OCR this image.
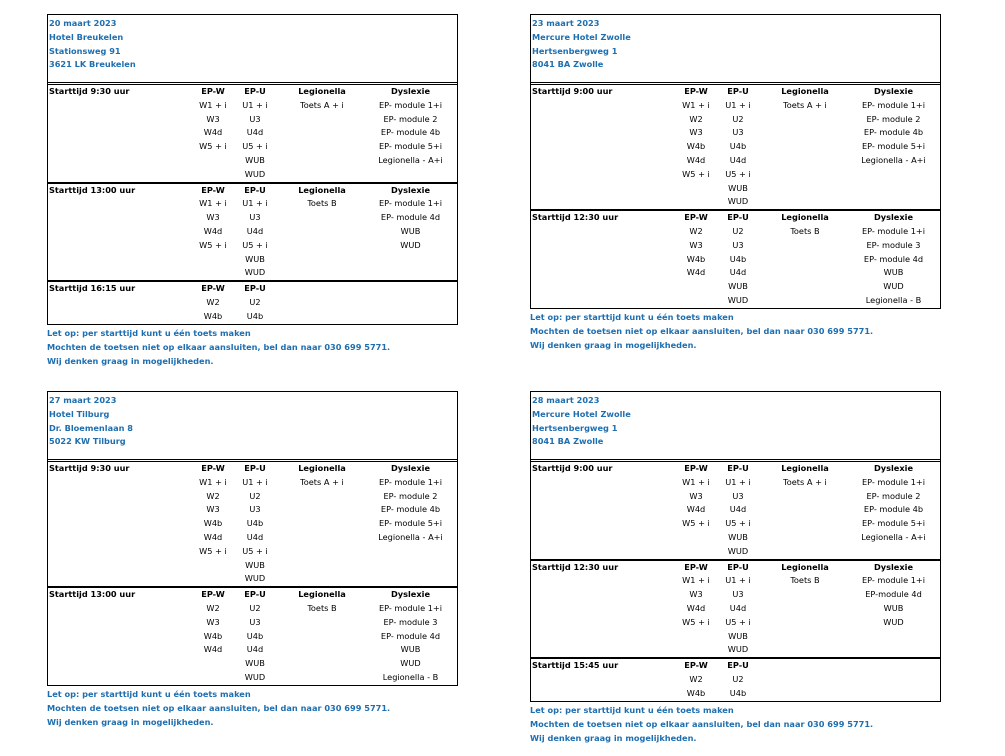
20 maart 2023
Hotel Breukelen
Stationsweg 91
3621 LK Breukelen
Starttijd 9:30 uur	EP-W	EP-U	Legionella	Dyslexie
	W1 + i	U1 + i	Toets A + i	EP- module 1+i
	W3	U3		EP- module 2
	W4d	U4d		EP- module 4b
	W5 + i	U5 + i		EP- module 5+i
		WUB		Legionella - A+i
		WUD		
Starttijd 13:00 uur	EP-W	EP-U	Legionella	Dyslexie
	W1 + i	U1 + i	Toets B	EP- module 1+i
	W3	U3		EP- module 4d
	W4d	U4d		WUB
	W5 + i	U5 + i		WUD
		WUB		
		WUD		
Starttijd 16:15 uur	EP-W	EP-U		
	W2	U2		
	W4b	U4b		
Let op: per starttijd kunt u één toets maken
Mochten de toetsen niet op elkaar aansluiten, bel dan naar 030 699 5771.
Wij denken graag in mogelijkheden.
23 maart 2023
Mercure Hotel Zwolle
Hertsenbergweg 1
8041 BA Zwolle
Starttijd 9:00 uur	EP-W	EP-U	Legionella	Dyslexie
	W1 + i	U1 + i	Toets A + i	EP- module 1+i
	W2	U2		EP- module 2
	W3	U3		EP- module 4b
	W4b	U4b		EP- module 5+i
	W4d	U4d		Legionella - A+i
	W5 + i	U5 + i		
		WUB		
		WUD		
Starttijd 12:30 uur	EP-W	EP-U	Legionella	Dyslexie
	W2	U2	Toets B	EP- module 1+i
	W3	U3		EP- module 3
	W4b	U4b		EP- module 4d
	W4d	U4d		WUB
		WUB		WUD
		WUD		Legionella - B
Let op: per starttijd kunt u één toets maken
Mochten de toetsen niet op elkaar aansluiten, bel dan naar 030 699 5771.
Wij denken graag in mogelijkheden.
27 maart 2023
Hotel Tilburg
Dr. Bloemenlaan 8
5022 KW Tilburg
Starttijd 9:30 uur	EP-W	EP-U	Legionella	Dyslexie
	W1 + i	U1 + i	Toets A + i	EP- module 1+i
	W2	U2		EP- module 2
	W3	U3		EP- module 4b
	W4b	U4b		EP- module 5+i
	W4d	U4d		Legionella - A+i
	W5 + i	U5 + i		
		WUB		
		WUD		
Starttijd 13:00 uur	EP-W	EP-U	Legionella	Dyslexie
	W2	U2	Toets B	EP- module 1+i
	W3	U3		EP- module 3
	W4b	U4b		EP- module 4d
	W4d	U4d		WUB
		WUB		WUD
		WUD		Legionella - B
Let op: per starttijd kunt u één toets maken
Mochten de toetsen niet op elkaar aansluiten, bel dan naar 030 699 5771.
Wij denken graag in mogelijkheden.
28 maart 2023
Mercure Hotel Zwolle
Hertsenbergweg 1
8041 BA Zwolle
Starttijd 9:00 uur	EP-W	EP-U	Legionella	Dyslexie
	W1 + i	U1 + i	Toets A + i	EP- module 1+i
	W3	U3		EP- module 2
	W4d	U4d		EP- module 4b
	W5 + i	U5 + i		EP- module 5+i
		WUB		Legionella - A+i
		WUD		
Starttijd 12:30 uur	EP-W	EP-U	Legionella	Dyslexie
	W1 + i	U1 + i	Toets B	EP- module 1+i
	W3	U3		EP-module 4d
	W4d	U4d		WUB
	W5 + i	U5 + i		WUD
		WUB		
		WUD		
Starttijd 15:45 uur	EP-W	EP-U		
	W2	U2		
	W4b	U4b		
Let op: per starttijd kunt u één toets maken
Mochten de toetsen niet op elkaar aansluiten, bel dan naar 030 699 5771.
Wij denken graag in mogelijkheden.
